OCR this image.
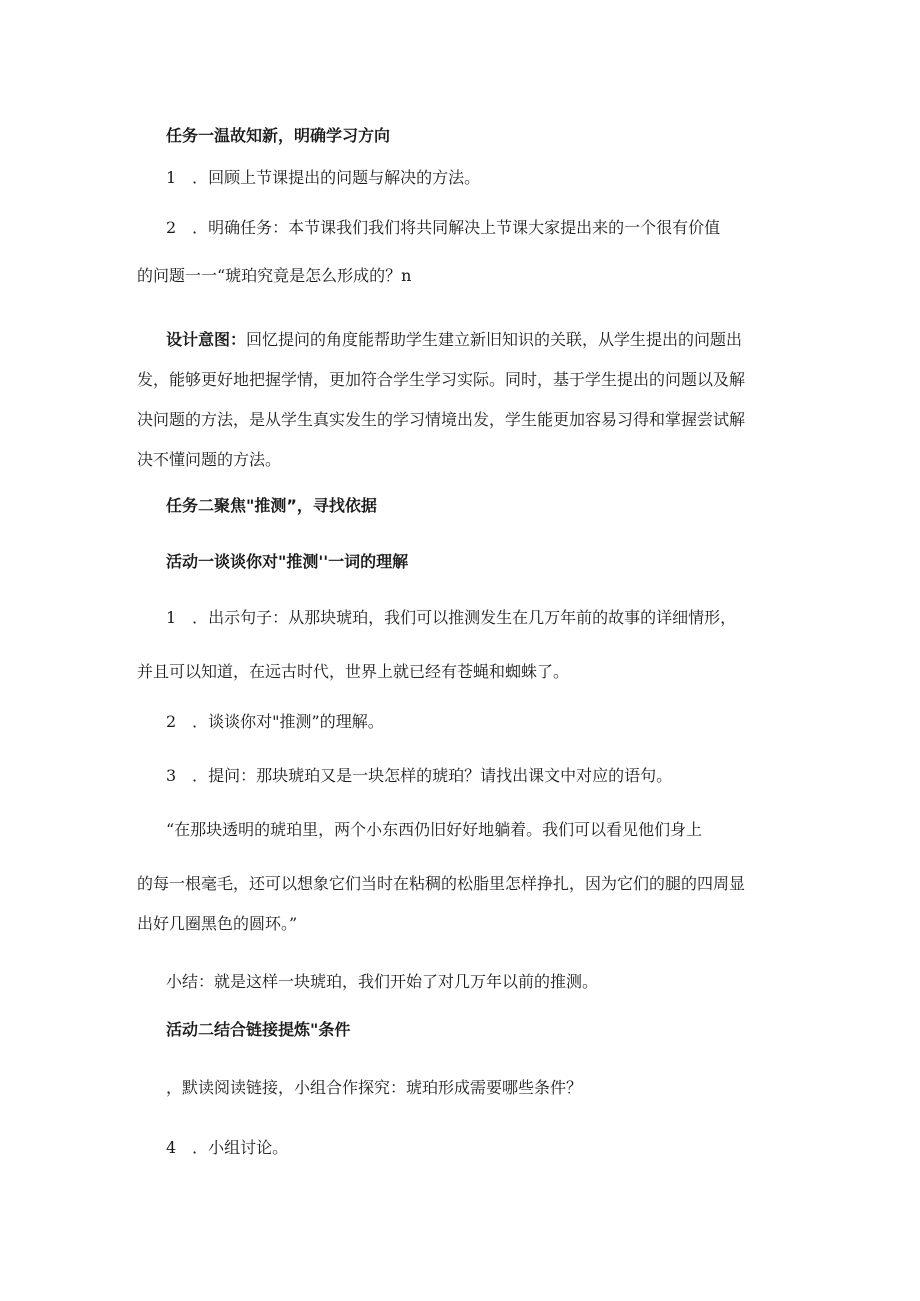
任务一温故知新，明确学习方向
1　．回顾上节课提出的问题与解决的方法。
2　．明确任务：本节课我们我们将共同解决上节课大家提出来的一个很有价值
的问题一一“琥珀究竟是怎么形成的？n
设计意图：回忆提问的角度能帮助学生建立新旧知识的关联，从学生提出的问题出
发，能够更好地把握学情，更加符合学生学习实际。同时，基于学生提出的问题以及解
决问题的方法，是从学生真实发生的学习情境出发，学生能更加容易习得和掌握尝试解
决不懂问题的方法。
任务二聚焦"推测”，寻找依据
活动一谈谈你对"推测''一词的理解
1　．出示句子：从那块琥珀，我们可以推测发生在几万年前的故事的详细情形，
并且可以知道，在远古时代，世界上就已经有苍蝇和蜘蛛了。
2　．谈谈你对"推测”的理解。
3　．提问：那块琥珀又是一块怎样的琥珀？请找出课文中对应的语句。
“在那块透明的琥珀里，两个小东西仍旧好好地躺着。我们可以看见他们身上
的每一根毫毛，还可以想象它们当时在粘稠的松脂里怎样挣扎，因为它们的腿的四周显
出好几圈黑色的圆环。”
小结：就是这样一块琥珀，我们开始了对几万年以前的推测。
活动二结合链接提炼"条件
，默读阅读链接，小组合作探究：琥珀形成需要哪些条件？
4　．小组讨论。
